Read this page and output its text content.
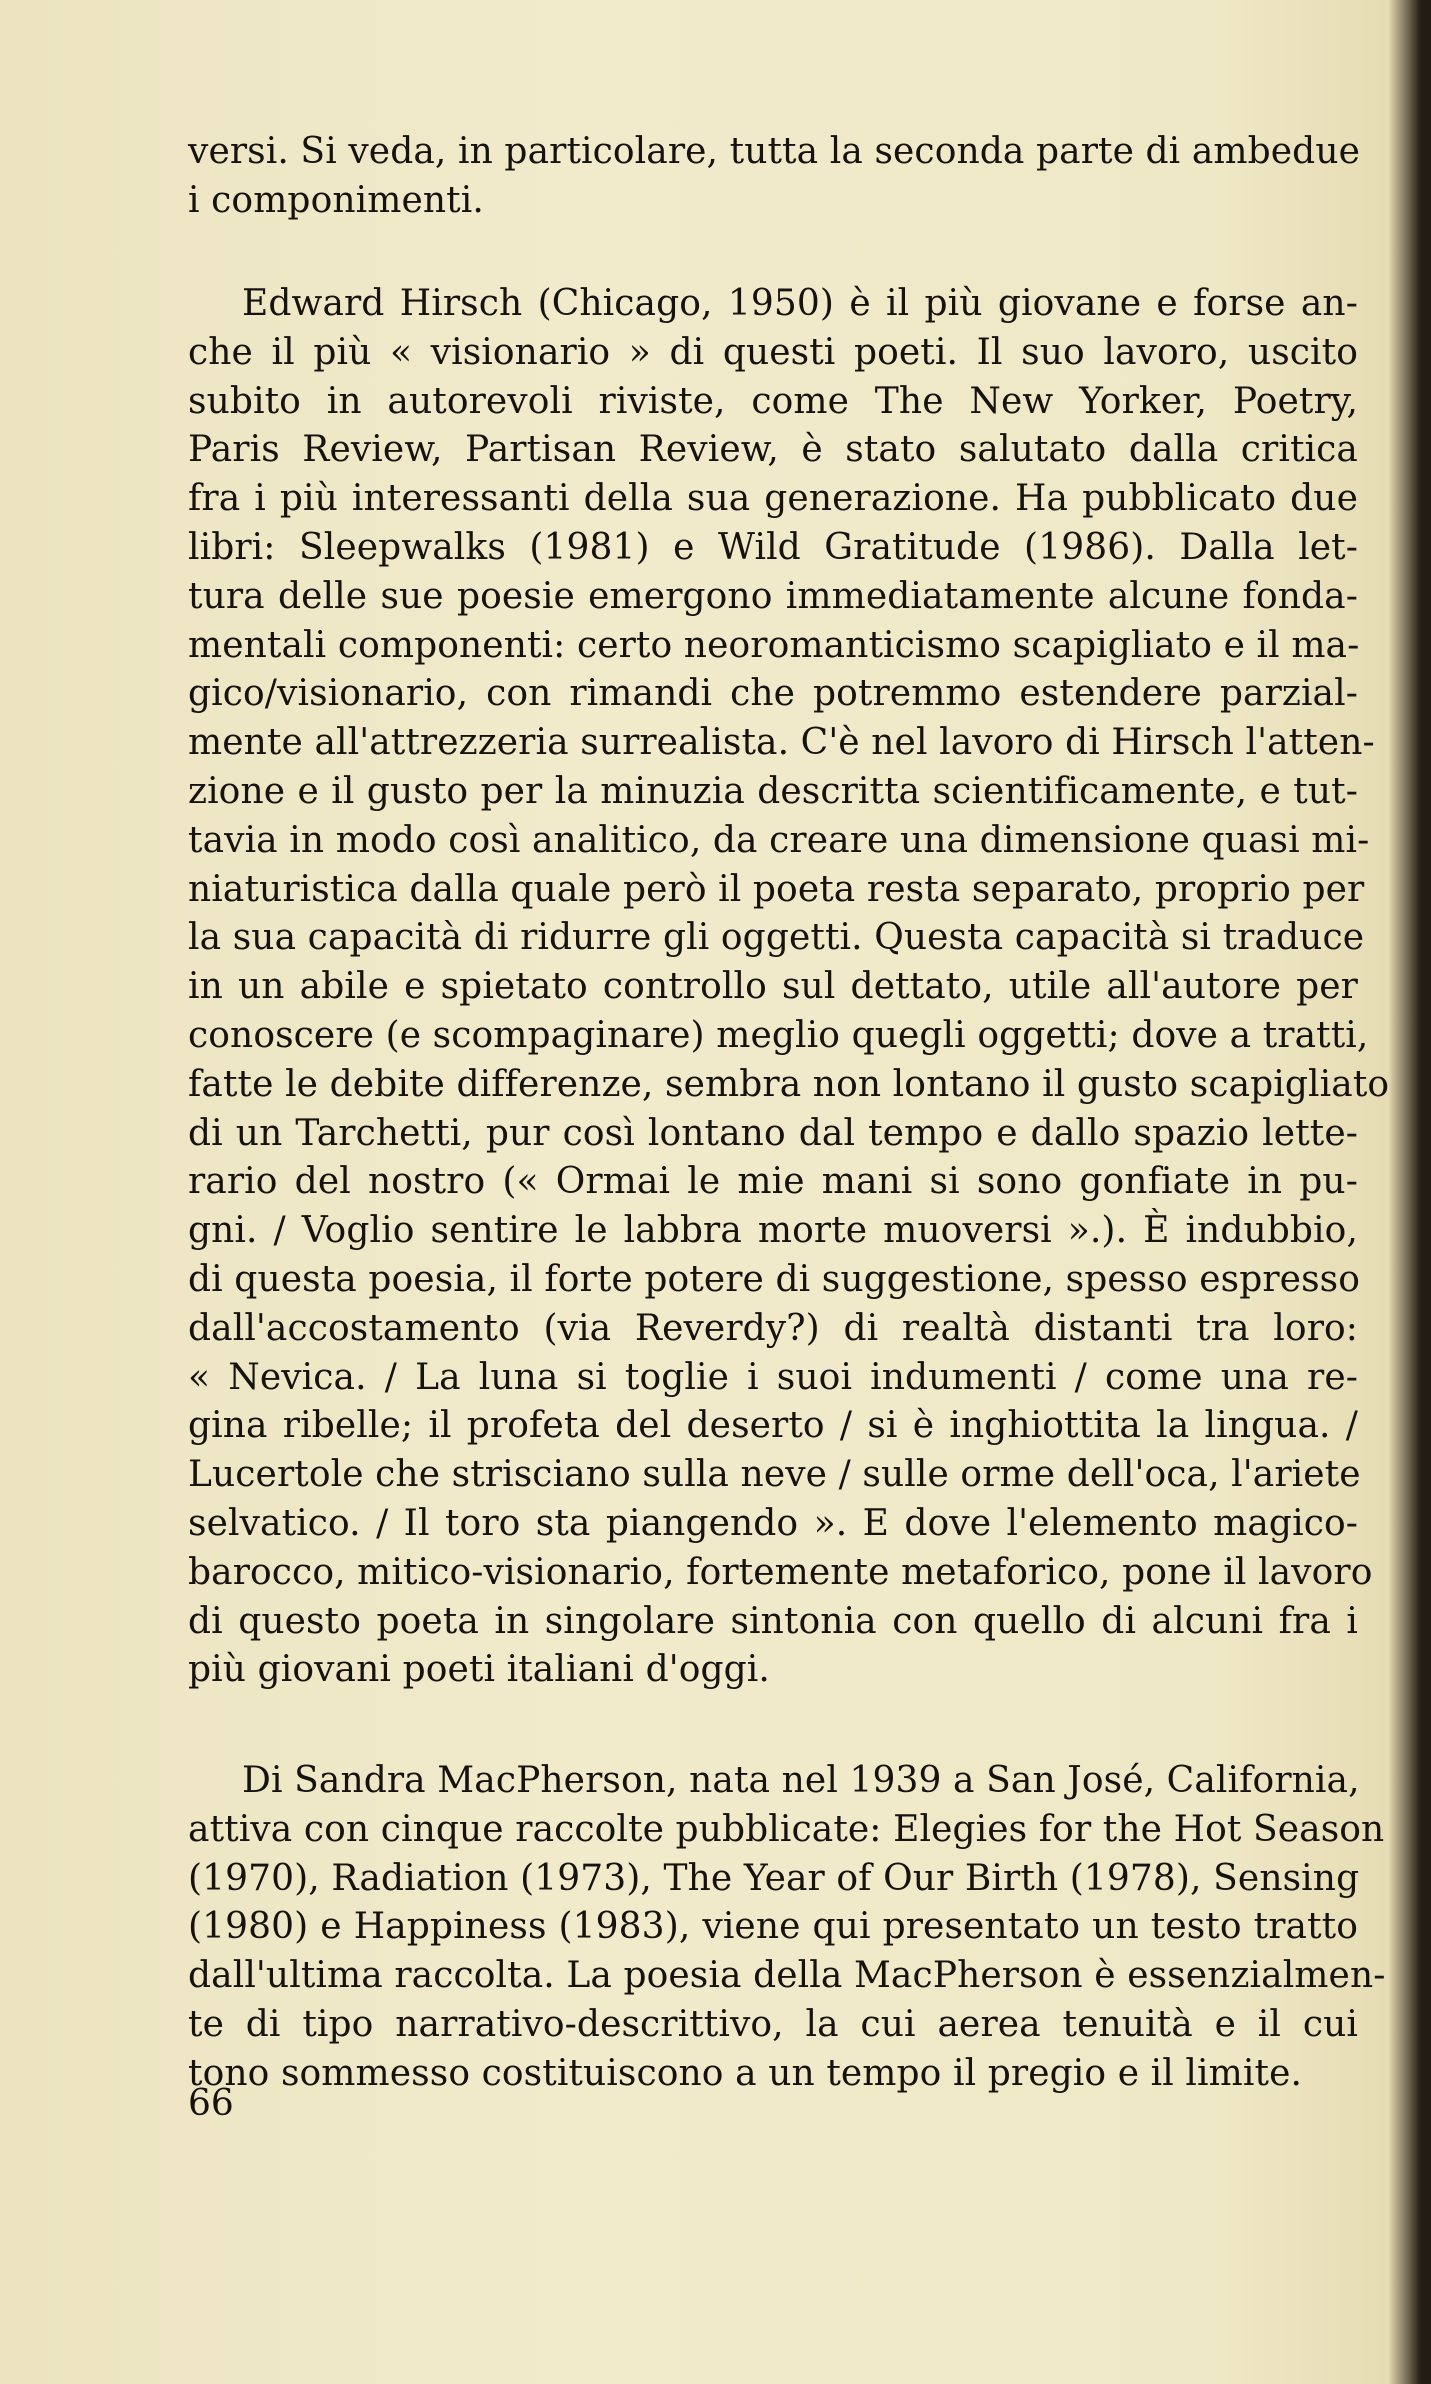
versi. Si veda, in particolare, tutta la seconda parte di ambedue
i componimenti.
Edward Hirsch (Chicago, 1950) è il più giovane e forse an-
che il più « visionario » di questi poeti. Il suo lavoro, uscito
subito in autorevoli riviste, come The New Yorker, Poetry,
Paris Review, Partisan Review, è stato salutato dalla critica
fra i più interessanti della sua generazione. Ha pubblicato due
libri: Sleepwalks (1981) e Wild Gratitude (1986). Dalla let-
tura delle sue poesie emergono immediatamente alcune fonda-
mentali componenti: certo neoromanticismo scapigliato e il ma-
gico/visionario, con rimandi che potremmo estendere parzial-
mente all'attrezzeria surrealista. C'è nel lavoro di Hirsch l'atten-
zione e il gusto per la minuzia descritta scientificamente, e tut-
tavia in modo così analitico, da creare una dimensione quasi mi-
niaturistica dalla quale però il poeta resta separato, proprio per
la sua capacità di ridurre gli oggetti. Questa capacità si traduce
in un abile e spietato controllo sul dettato, utile all'autore per
conoscere (e scompaginare) meglio quegli oggetti; dove a tratti,
fatte le debite differenze, sembra non lontano il gusto scapigliato
di un Tarchetti, pur così lontano dal tempo e dallo spazio lette-
rario del nostro (« Ormai le mie mani si sono gonfiate in pu-
gni. / Voglio sentire le labbra morte muoversi ».). È indubbio,
di questa poesia, il forte potere di suggestione, spesso espresso
dall'accostamento (via Reverdy?) di realtà distanti tra loro:
« Nevica. / La luna si toglie i suoi indumenti / come una re-
gina ribelle; il profeta del deserto / si è inghiottita la lingua. /
Lucertole che strisciano sulla neve / sulle orme dell'oca, l'ariete
selvatico. / Il toro sta piangendo ». E dove l'elemento magico-
barocco, mitico-visionario, fortemente metaforico, pone il lavoro
di questo poeta in singolare sintonia con quello di alcuni fra i
più giovani poeti italiani d'oggi.
Di Sandra MacPherson, nata nel 1939 a San José, California,
attiva con cinque raccolte pubblicate: Elegies for the Hot Season
(1970), Radiation (1973), The Year of Our Birth (1978), Sensing
(1980) e Happiness (1983), viene qui presentato un testo tratto
dall'ultima raccolta. La poesia della MacPherson è essenzialmen-
te di tipo narrativo-descrittivo, la cui aerea tenuità e il cui
tono sommesso costituiscono a un tempo il pregio e il limite.
66
